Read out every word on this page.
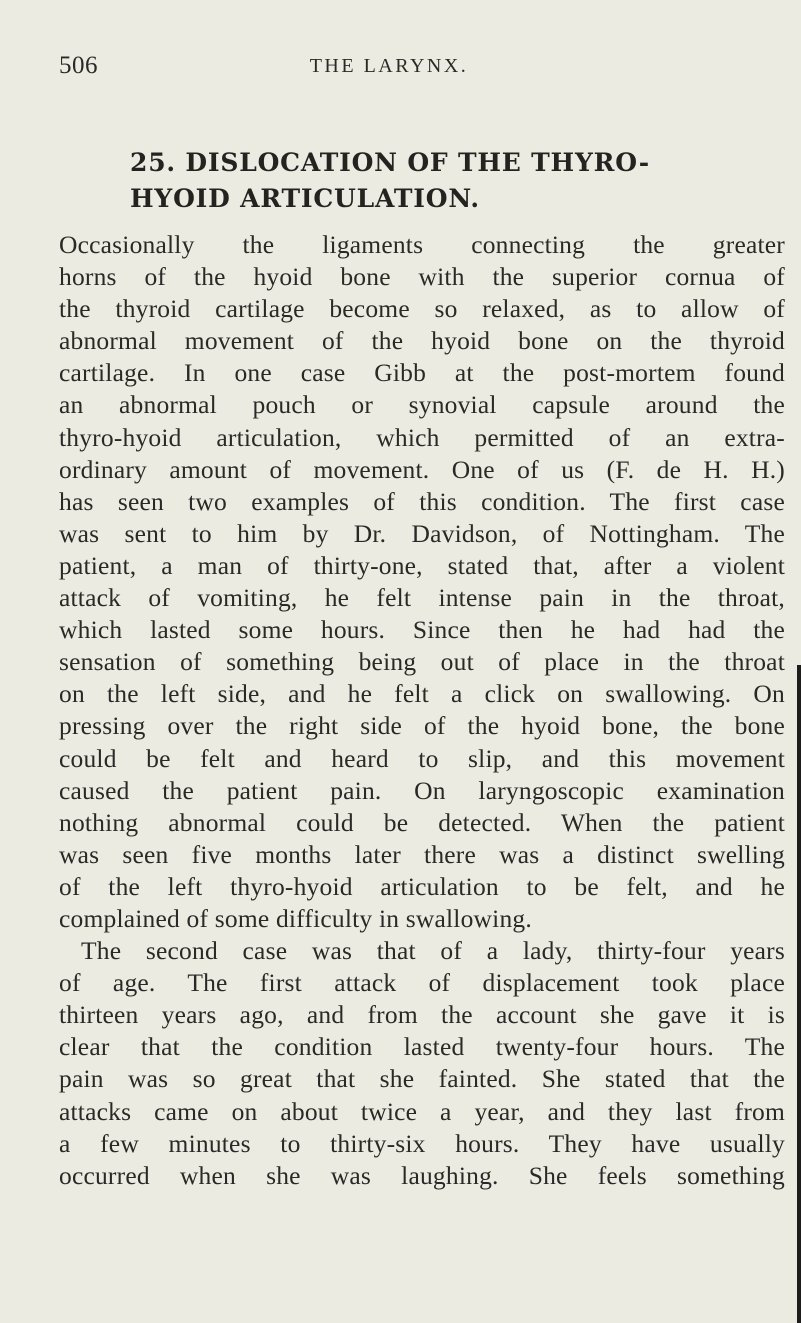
506	THE LARYNX.
25. DISLOCATION OF THE THYRO-
HYOID ARTICULATION.
Occasionally the ligaments connecting the greater
horns of the hyoid bone with the superior cornua of
the thyroid cartilage become so relaxed, as to allow of
abnormal movement of the hyoid bone on the thyroid
cartilage. In one case Gibb at the post-mortem found
an abnormal pouch or synovial capsule around the
thyro-hyoid articulation, which permitted of an extra-
ordinary amount of movement. One of us (F. de H. H.)
has seen two examples of this condition. The first case
was sent to him by Dr. Davidson, of Nottingham. The
patient, a man of thirty-one, stated that, after a violent
attack of vomiting, he felt intense pain in the throat,
which lasted some hours. Since then he had had the
sensation of something being out of place in the throat
on the left side, and he felt a click on swallowing. On
pressing over the right side of the hyoid bone, the bone
could be felt and heard to slip, and this movement
caused the patient pain. On laryngoscopic examination
nothing abnormal could be detected. When the patient
was seen five months later there was a distinct swelling
of the left thyro-hyoid articulation to be felt, and he
complained of some difficulty in swallowing.
The second case was that of a lady, thirty-four years
of age. The first attack of displacement took place
thirteen years ago, and from the account she gave it is
clear that the condition lasted twenty-four hours. The
pain was so great that she fainted. She stated that the
attacks came on about twice a year, and they last from
a few minutes to thirty-six hours. They have usually
occurred when she was laughing. She feels something
